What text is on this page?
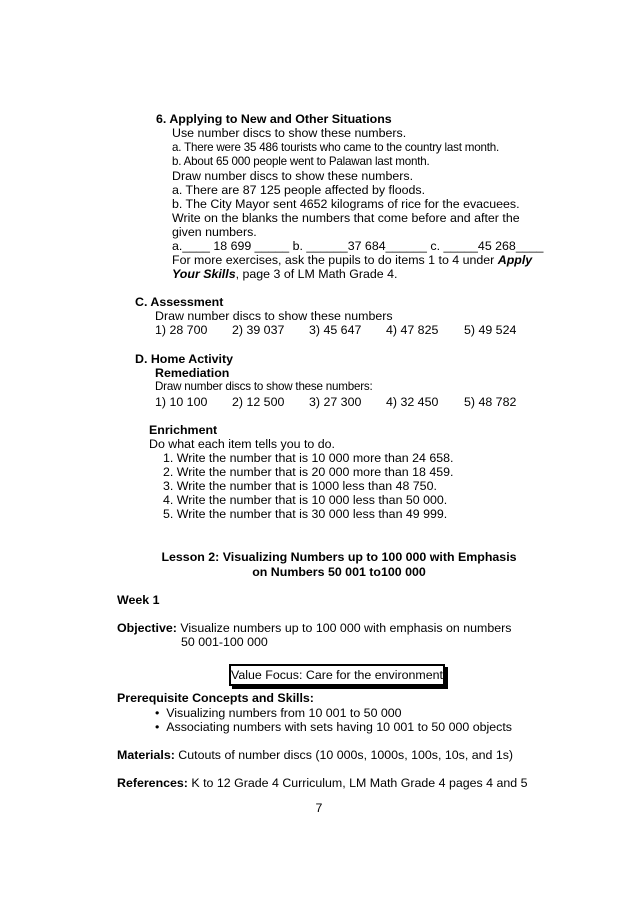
6. Applying to New and Other Situations
Use number discs to show these numbers.
a. There were 35 486 tourists who came to the country last month.
b. About 65 000 people went to Palawan last month.
Draw number discs to show these numbers.
a. There are 87 125 people affected by floods.
b. The City Mayor sent 4652 kilograms of rice for the evacuees.
Write on the blanks the numbers that come before and after the
given numbers.
a.____ 18 699 _____ b. ______37 684______ c. _____45 268____
For more exercises, ask the pupils to do items 1 to 4 under Apply
Your Skills, page 3 of LM Math Grade 4.
C. Assessment
Draw number discs to show these numbers
1) 28 700 2) 39 037 3) 45 647 4) 47 825 5) 49 524
D. Home Activity
Remediation
Draw number discs to show these numbers:
1) 10 100 2) 12 500 3) 27 300 4) 32 450 5) 48 782
Enrichment
Do what each item tells you to do.
1. Write the number that is 10 000 more than 24 658.
2. Write the number that is 20 000 more than 18 459.
3. Write the number that is 1000 less than 48 750.
4. Write the number that is 10 000 less than 50 000.
5. Write the number that is 30 000 less than 49 999.
Lesson 2: Visualizing Numbers up to 100 000 with Emphasis
on Numbers 50 001 to100 000
Week 1
Objective: Visualize numbers up to 100 000 with emphasis on numbers
50 001-100 000
Value Focus: Care for the environment
Prerequisite Concepts and Skills:
•  Visualizing numbers from 10 001 to 50 000
•  Associating numbers with sets having 10 001 to 50 000 objects
Materials: Cutouts of number discs (10 000s, 1000s, 100s, 10s, and 1s)
References: K to 12 Grade 4 Curriculum, LM Math Grade 4 pages 4 and 5
7
